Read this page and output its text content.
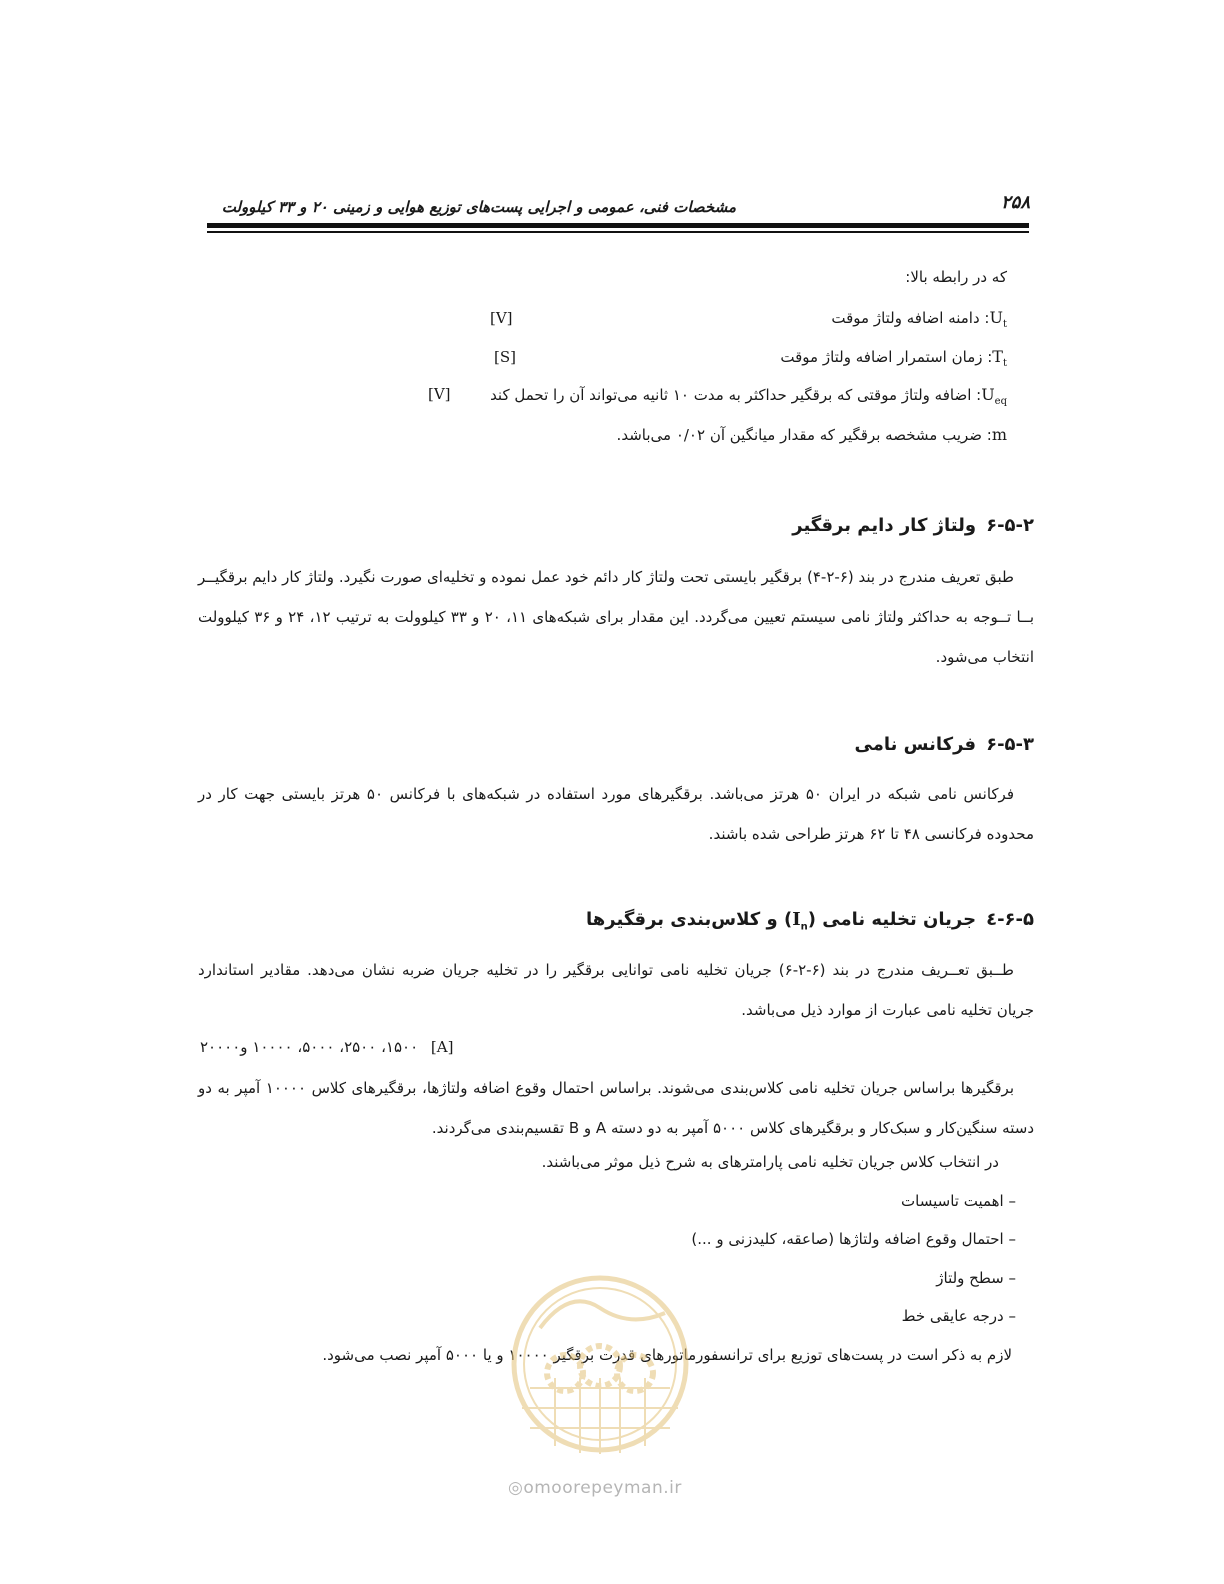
۲۵۸
مشخصات فنی، عمومی و اجرایی پست‌های توزیع هوایی و زمینی ۲۰ و ۳۳ کیلوولت
که در رابطه بالا:
$U_t$: دامنه اضافه ولتاژ موقت
[V]
$T_t$: زمان استمرار اضافه ولتاژ موقت
[S]
$U_{eq}$: اضافه ولتاژ موقتی که برقگیر حداکثر به مدت ۱۰ ثانیه می‌تواند آن را تحمل کند
[V]
m: ضریب مشخصه برقگیر که مقدار میانگین آن ۰/۰۲ می‌باشد.
۶-۵-۲ولتاژ کار دایم برقگیر
طبق تعریف مندرج در بند (۶-۲-۴) برقگیر بایستی تحت ولتاژ کار دائم خود عمل نموده و تخلیه‌ای صورت نگیرد. ولتاژ کار دایم برقگیــر بــا تــوجه به حداکثر ولتاژ نامی سیستم تعیین می‌گردد. این مقدار برای شبکه‌های ۱۱، ۲۰ و ۳۳ کیلوولت به ترتیب ۱۲، ۲۴ و ۳۶ کیلوولت انتخاب می‌شود.
۶-۵-۳فرکانس نامی
فرکانس نامی شبکه در ایران ۵۰ هرتز می‌باشد. برقگیرهای مورد استفاده در شبکه‌های با فرکانس ۵۰ هرتز بایستی جهت کار در محدوده فرکانسی ۴۸ تا ۶۲ هرتز طراحی شده باشند.
۶-۵-٤جریان تخلیه نامی $(I_n)$ و کلاس‌بندی برقگیرها
طــبق تعــریف مندرج در بند (۶-۲-۶) جریان تخلیه نامی توانایی برقگیر را در تخلیه جریان ضربه نشان می‌دهد. مقادیر استاندارد جریان تخلیه نامی عبارت از موارد ذیل می‌باشد.
۱۵۰۰، ۲۵۰۰، ۵۰۰۰، ۱۰۰۰۰ و۲۰۰۰۰ [A]
برقگیرها براساس جریان تخلیه نامی کلاس‌بندی می‌شوند. براساس احتمال وقوع اضافه ولتاژها، برقگیرهای کلاس ۱۰۰۰۰ آمپر به دو دسته سنگین‌کار و سبک‌کار و برقگیرهای کلاس ۵۰۰۰ آمپر به دو دسته A و B تقسیم‌بندی می‌گردند.
در انتخاب کلاس جریان تخلیه نامی پارامترهای به شرح ذیل موثر می‌باشند.
– اهمیت تاسیسات
– احتمال وقوع اضافه ولتاژها (صاعقه، کلیدزنی و ...)
– سطح ولتاژ
– درجه عایقی خط
لازم به ذکر است در پست‌های توزیع برای ترانسفورماتورهای قدرت برقگیر ۱۰۰۰۰ و یا ۵۰۰۰ آمپر نصب می‌شود.
◎omoorepeyman.ir
